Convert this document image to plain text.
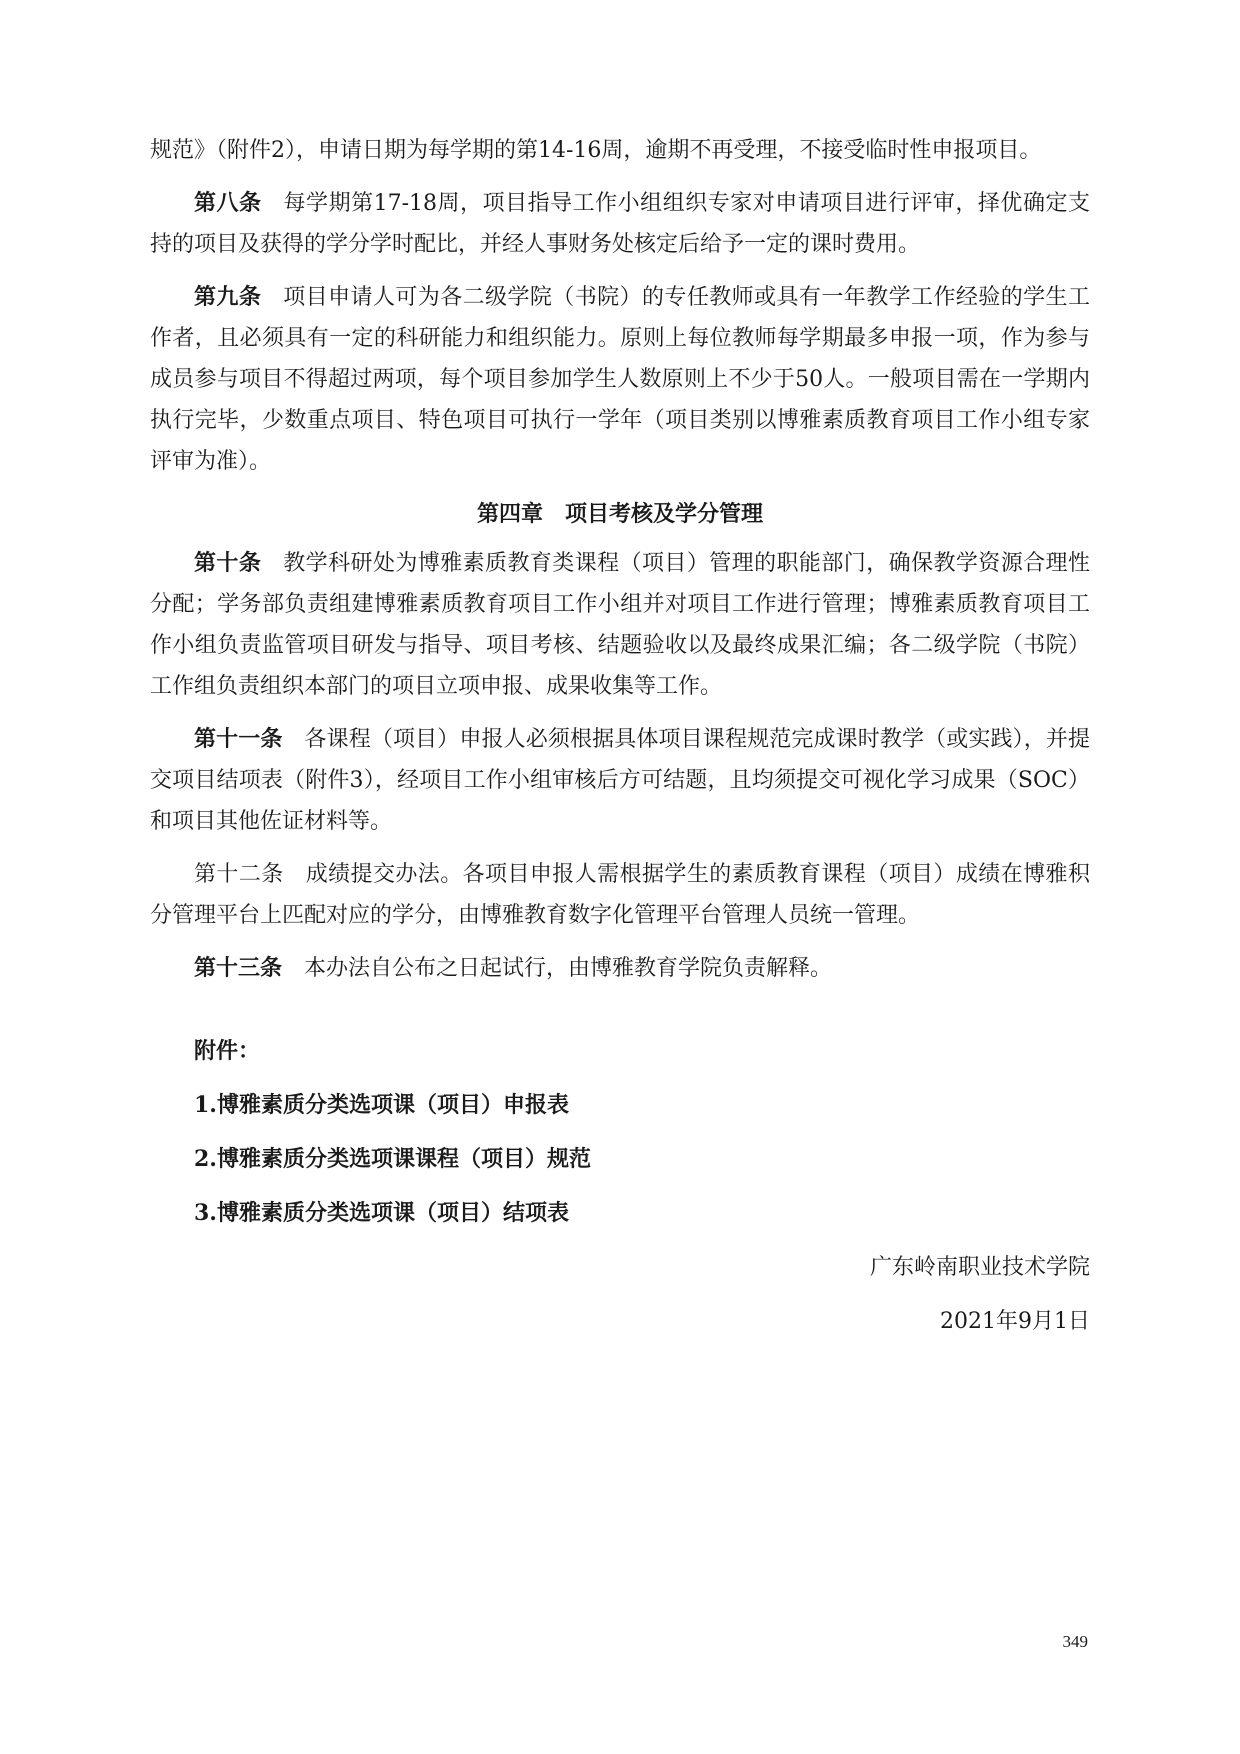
规范》（附件2），申请日期为每学期的第14-16周，逾期不再受理，不接受临时性申报项目。

第八条 每学期第17-18周，项目指导工作小组组织专家对申请项目进行评审，择优确定支持的项目及获得的学分学时配比，并经人事财务处核定后给予一定的课时费用。

第九条 项目申请人可为各二级学院（书院）的专任教师或具有一年教学工作经验的学生工作者，且必须具有一定的科研能力和组织能力。原则上每位教师每学期最多申报一项，作为参与成员参与项目不得超过两项，每个项目参加学生人数原则上不少于50人。一般项目需在一学期内执行完毕，少数重点项目、特色项目可执行一学年（项目类别以博雅素质教育项目工作小组专家评审为准）。

第四章　项目考核及学分管理

第十条 教学科研处为博雅素质教育类课程（项目）管理的职能部门，确保教学资源合理性分配；学务部负责组建博雅素质教育项目工作小组并对项目工作进行管理；博雅素质教育项目工作小组负责监管项目研发与指导、项目考核、结题验收以及最终成果汇编；各二级学院（书院）工作组负责组织本部门的项目立项申报、成果收集等工作。

第十一条 各课程（项目）申报人必须根据具体项目课程规范完成课时教学（或实践），并提交项目结项表（附件3），经项目工作小组审核后方可结题，且均须提交可视化学习成果（SOC）和项目其他佐证材料等。

第十二条 成绩提交办法。各项目申报人需根据学生的素质教育课程（项目）成绩在博雅积分管理平台上匹配对应的学分，由博雅教育数字化管理平台管理人员统一管理。

第十三条 本办法自公布之日起试行，由博雅教育学院负责解释。

附件：

1.博雅素质分类选项课（项目）申报表

2.博雅素质分类选项课课程（项目）规范

3.博雅素质分类选项课（项目）结项表

广东岭南职业技术学院

2021年9月1日

349
